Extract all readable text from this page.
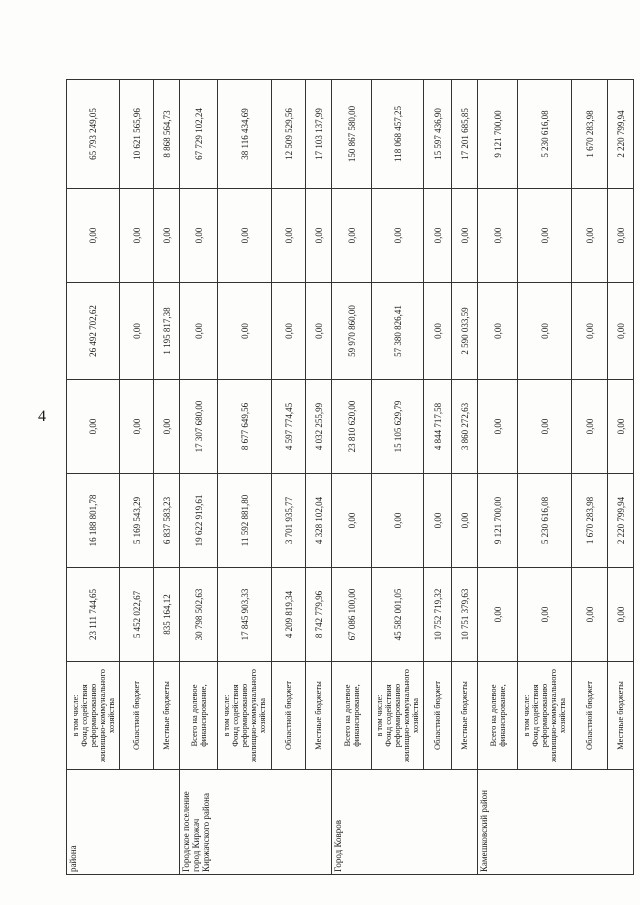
4
района	в том числе: Фонд содействия реформированию жилищно-коммунального хозяйства	23 111 744,65	16 188 801,78	0,00	26 492 702,62	0,00	65 793 249,05

	Областной бюджет	5 452 022,67	5 169 543,29	0,00	0,00	0,00	10 621 565,96

	Местные бюджеты	835 164,12	6 837 583,23	0,00	1 195 817,38	0,00	8 868 564,73
Городское поселение город Киржач Киржачского района	Всего на долевое финансирование,	30 798 502,63	19 622 919,61	17 307 680,00	0,00	0,00	67 729 102,24

	в том числе: Фонд содействия реформированию жилищно-коммунального хозяйства	17 845 903,33	11 592 881,80	8 677 649,56	0,00	0,00	38 116 434,69

	Областной бюджет	4 209 819,34	3 701 935,77	4 597 774,45	0,00	0,00	12 509 529,56

	Местные бюджеты	8 742 779,96	4 328 102,04	4 032 255,99	0,00	0,00	17 103 137,99
Город Ковров	Всего на долевое финансирование,	67 086 100,00	0,00	23 810 620,00	59 970 860,00	0,00	150 867 580,00

	в том числе: Фонд содействия реформированию жилищно-коммунального хозяйства	45 582 001,05	0,00	15 105 629,79	57 380 826,41	0,00	118 068 457,25

	Областной бюджет	10 752 719,32	0,00	4 844 717,58	0,00	0,00	15 597 436,90

	Местные бюджеты	10 751 379,63	0,00	3 860 272,63	2 590 033,59	0,00	17 201 685,85
Камешковский район	Всего на долевое финансирование,	0,00	9 121 700,00	0,00	0,00	0,00	9 121 700,00

	в том числе: Фонд содействия реформированию жилищно-коммунального хозяйства	0,00	5 230 616,08	0,00	0,00	0,00	5 230 616,08

	Областной бюджет	0,00	1 670 283,98	0,00	0,00	0,00	1 670 283,98

	Местные бюджеты	0,00	2 220 799,94	0,00	0,00	0,00	2 220 799,94
